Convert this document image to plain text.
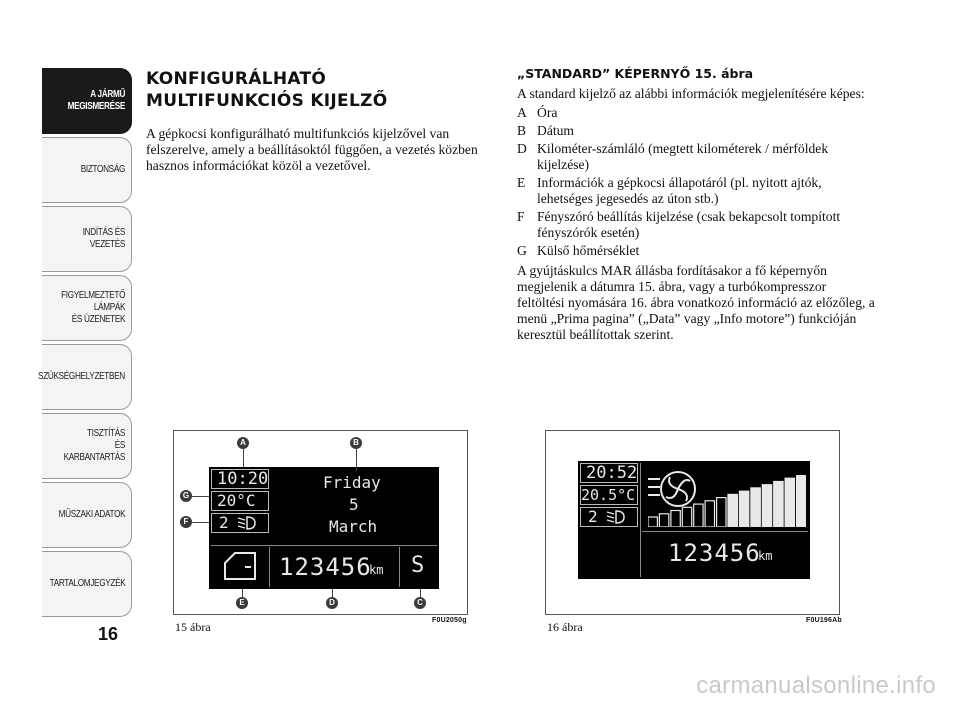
A JÁRMŰ
MEGISMERÉSE
BIZTONSÁG
INDÍTÁS ÉS VEZETÉS
FIGYELMEZTETŐ
LÁMPÁK
ÉS ÜZENETEK
SZÜKSÉGHELYZETBEN
TISZTÍTÁS
ÉS KARBANTARTÁS
MŰSZAKI ADATOK
TARTALOMJEGYZÉK
16
KONFIGURÁLHATÓ
MULTIFUNKCIÓS KIJELZŐ
A gépkocsi konfigurálható multifunkciós kijelzővel van felszerelve, amely a beállításoktól függően, a vezetés közben hasznos információkat közöl a vezetővel.
„STANDARD” KÉPERNYŐ 15. ábra

A standard kijelző az alábbi információk megjelenítésére képes:

A Óra
B Dátum
D Kilométer-számláló (megtett kilométerek / mérföldek kijelzése)
E Információk a gépkocsi állapotáról (pl. nyitott ajtók, lehetséges jegesedés az úton stb.)
F Fényszóró beállítás kijelzése (csak bekapcsolt tompított fényszórók esetén)
G Külső hőmérséklet

A gyújtáskulcs MAR állásba fordításakor a fő képernyőn megjelenik a dátumra 15. ábra, vagy a turbókompresszor feltöltési nyomására 16. ábra vonatkozó információ az előzőleg, a menü „Prima pagina” („Data” vagy „Info motore”) funkcióján keresztül beállítottak szerint.

10:20
20°C
2
Friday
5
March
123456
km S
A	B
G
F
E	D	C
15 ábra	F0U2050g
20:52
20.5°C
2
123456
km
16 ábra	F0U196Ab
carmanualsonline.info
